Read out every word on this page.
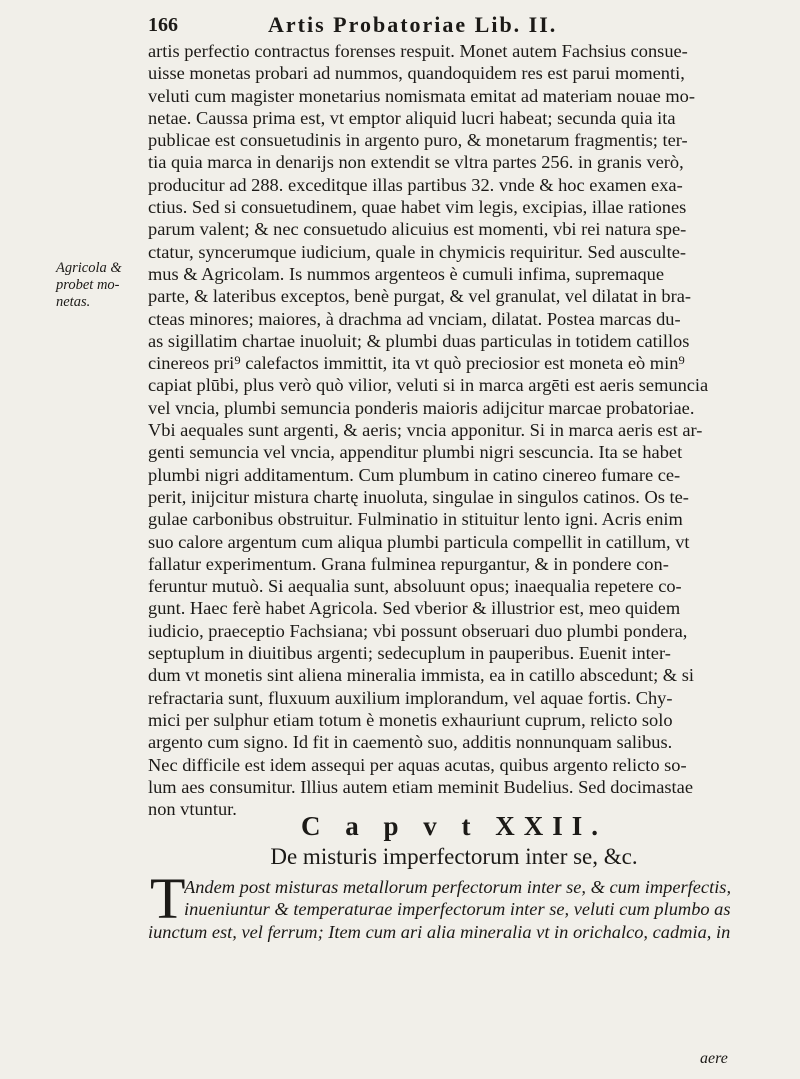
166	Artis Probatoriae Lib. II.
Agricola &
probet mo-
netas.
artis perfectio contractus forenses respuit. Monet autem Fachsius consue-
uisse monetas probari ad nummos, quandoquidem res est parui momenti,
veluti cum magister monetarius nomismata emitat ad materiam nouae mo-
netae. Caussa prima est, vt emptor aliquid lucri habeat; secunda quia ita
publicae est consuetudinis in argento puro, & monetarum fragmentis; ter-
tia quia marca in denarijs non extendit se vltra partes 256. in granis verò,
producitur ad 288. exceditque illas partibus 32. vnde & hoc examen exa-
ctius. Sed si consuetudinem, quae habet vim legis, excipias, illae rationes
parum valent; & nec consuetudo alicuius est momenti, vbi rei natura spe-
ctatur, syncerumque iudicium, quale in chymicis requiritur. Sed ausculte-
mus & Agricolam. Is nummos argenteos è cumuli infima, supremaque
parte, & lateribus exceptos, benè purgat, & vel granulat, vel dilatat in bra-
cteas minores; maiores, à drachma ad vnciam, dilatat. Postea marcas du-
as sigillatim chartae inuoluit; & plumbi duas particulas in totidem catillos
cinereos pri⁹ calefactos immittit, ita vt quò preciosior est moneta eò min⁹
capiat plūbi, plus verò quò vilior, veluti si in marca argēti est aeris semuncia
vel vncia, plumbi semuncia ponderis maioris adijcitur marcae probatoriae.
Vbi aequales sunt argenti, & aeris; vncia apponitur. Si in marca aeris est ar-
genti semuncia vel vncia, appenditur plumbi nigri sescuncia. Ita se habet
plumbi nigri additamentum. Cum plumbum in catino cinereo fumare ce-
perit, inijcitur mistura chartę inuoluta, singulae in singulos catinos. Os te-
gulae carbonibus obstruitur. Fulminatio in stituitur lento igni. Acris enim
suo calore argentum cum aliqua plumbi particula compellit in catillum, vt
fallatur experimentum. Grana fulminea repurgantur, & in pondere con-
feruntur mutuò. Si aequalia sunt, absoluunt opus; inaequalia repetere co-
gunt. Haec ferè habet Agricola. Sed vberior & illustrior est, meo quidem
iudicio, praeceptio Fachsiana; vbi possunt obseruari duo plumbi pondera,
septuplum in diuitibus argenti; sedecuplum in pauperibus. Euenit inter-
dum vt monetis sint aliena mineralia immista, ea in catillo abscedunt; & si
refractaria sunt, fluxuum auxilium implorandum, vel aquae fortis. Chy-
mici per sulphur etiam totum è monetis exhauriunt cuprum, relicto solo
argento cum signo. Id fit in caementò suo, additis nonnunquam salibus.
Nec difficile est idem assequi per aquas acutas, quibus argento relicto so-
lum aes consumitur. Illius autem etiam meminit Budelius. Sed docimastae
non vtuntur.
C a p v t XXII.
De misturis imperfectorum inter se, &c.
T
Andem post misturas metallorum perfectorum inter se, & cum imperfectis,
inueniuntur & temperaturae imperfectorum inter se, veluti cum plumbo as
iunctum est, vel ferrum; Item cum ari alia mineralia vt in orichalco, cadmia, in
aere
